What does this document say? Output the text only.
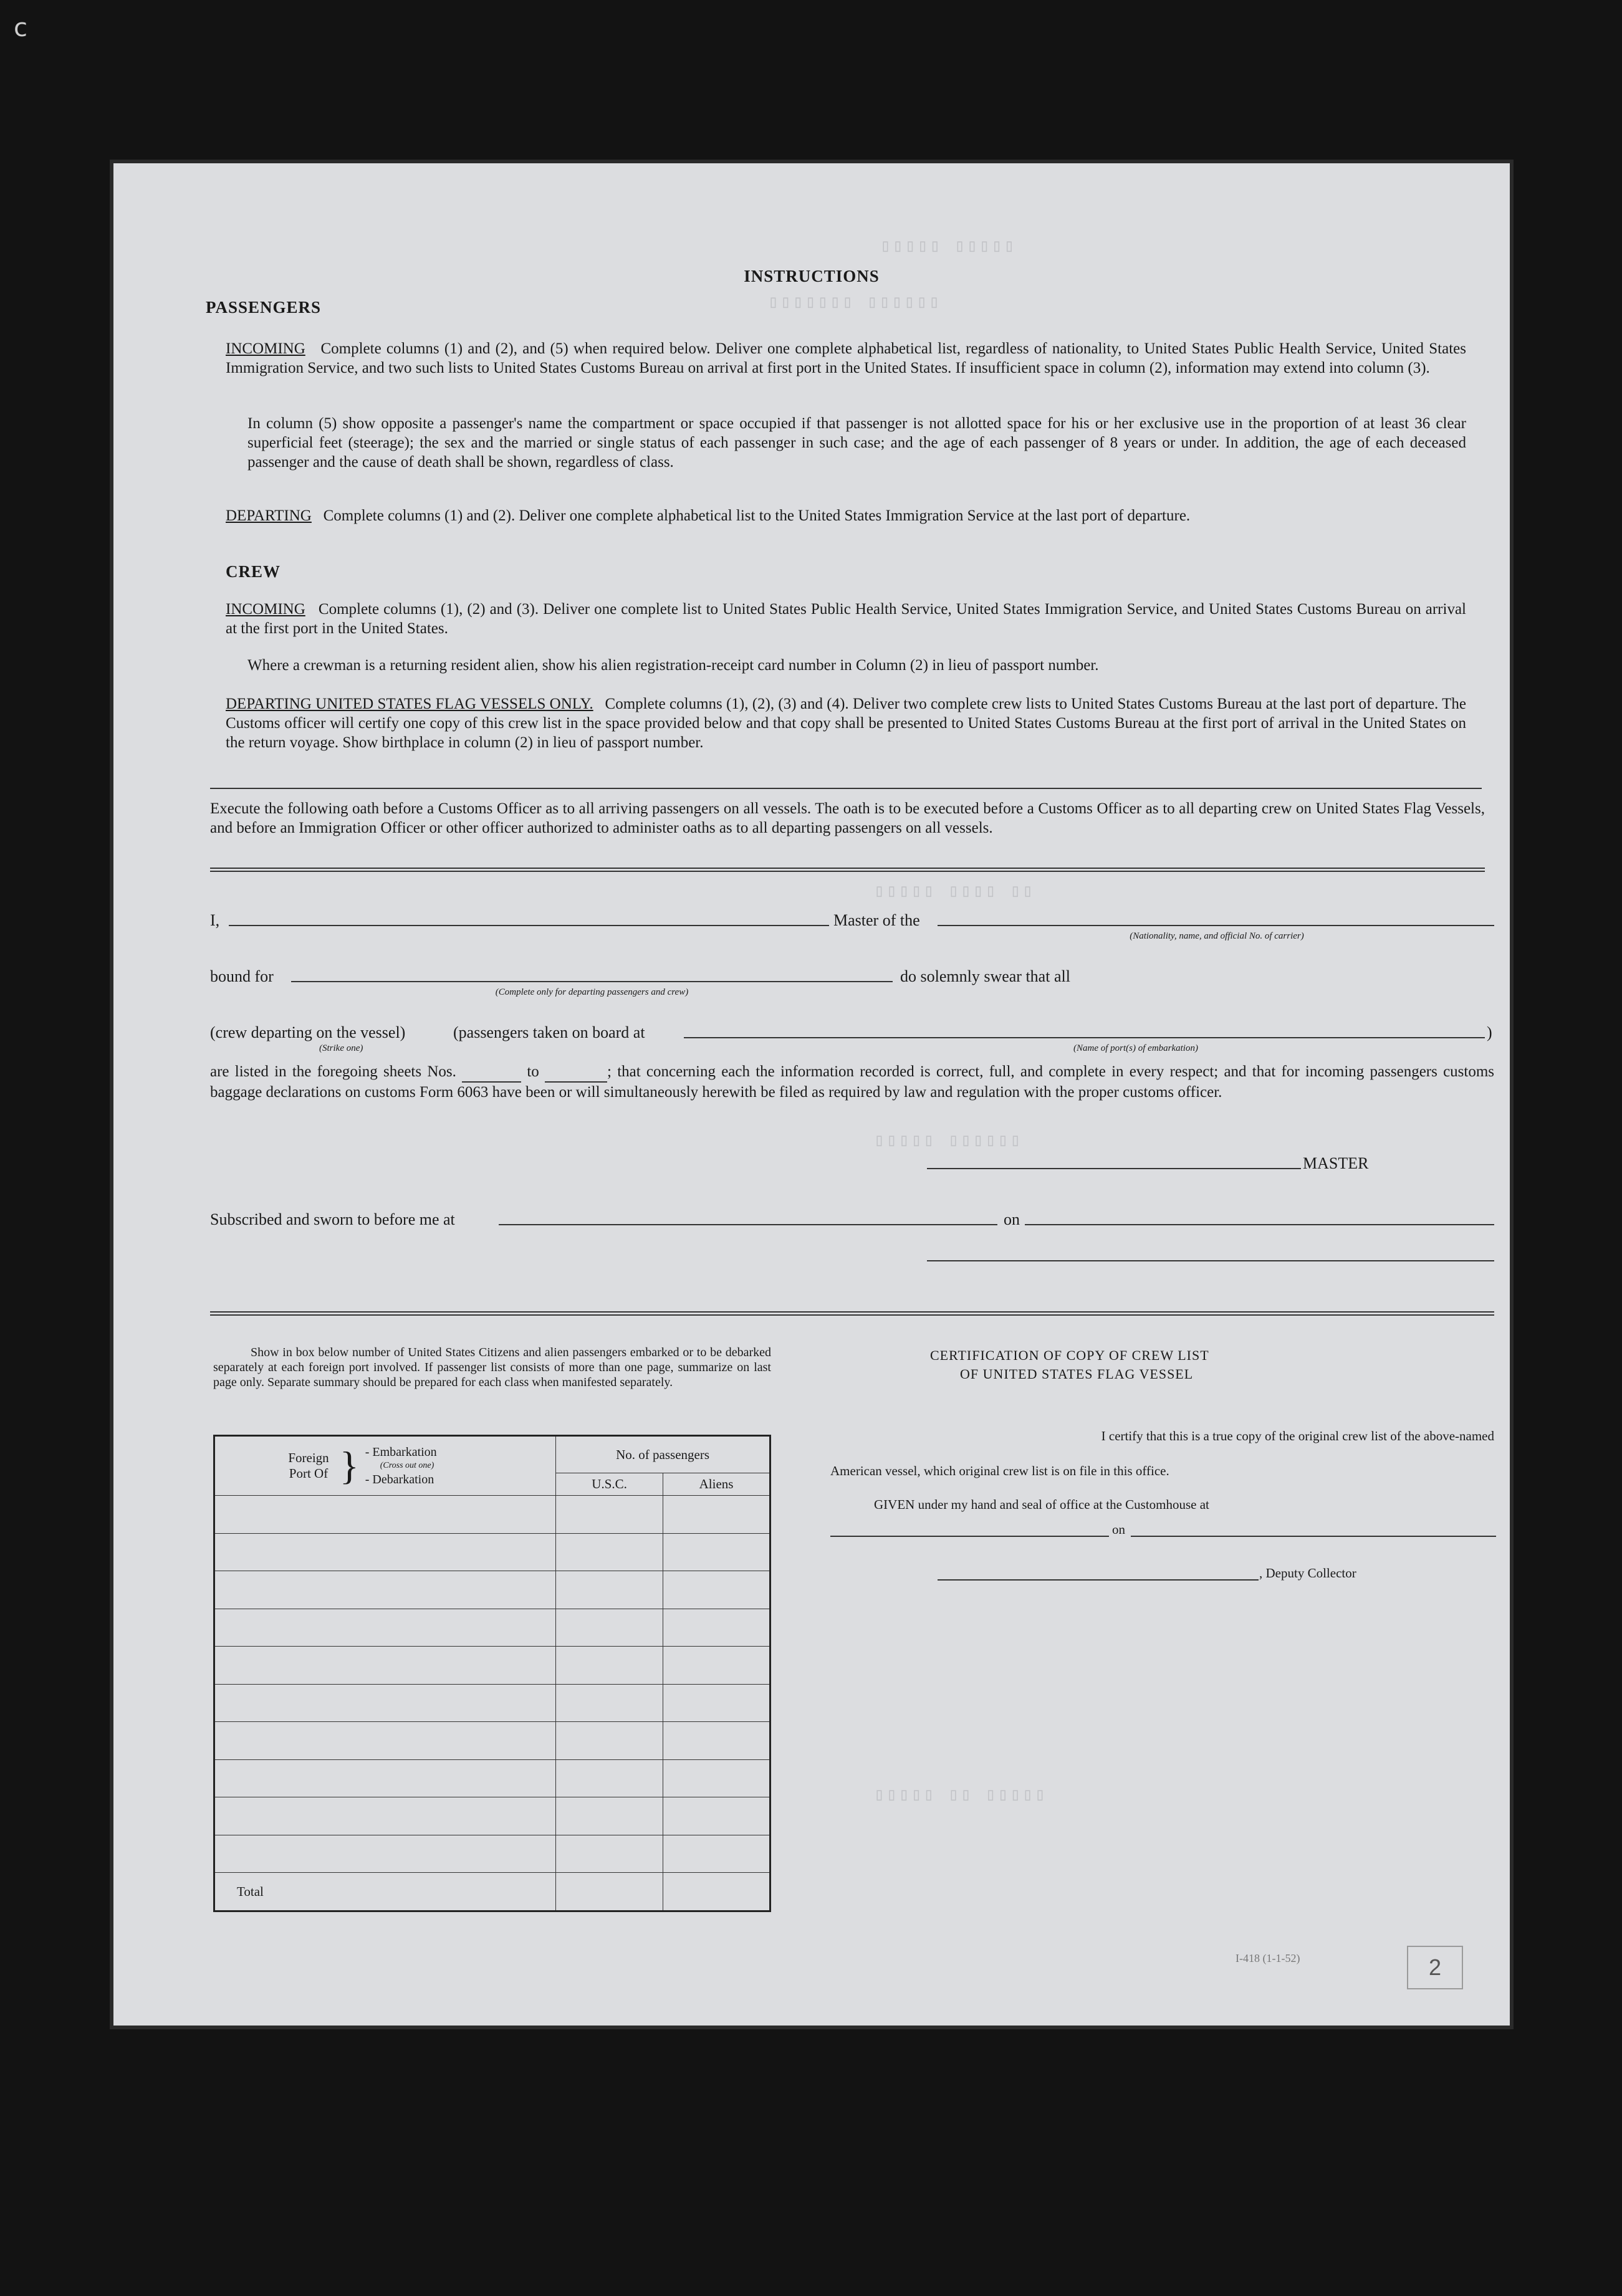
c
▯▯▯▯▯ ▯▯▯▯▯
▯▯▯▯▯▯▯ ▯▯▯▯▯▯
▯▯▯▯▯ ▯▯▯▯ ▯▯
▯▯▯▯▯ ▯▯▯▯▯▯
▯▯▯▯▯ ▯▯ ▯▯▯▯▯
INSTRUCTIONS
PASSENGERS
INCOMING Complete columns (1) and (2), and (5) when required below. Deliver one complete alphabetical list, regardless of nationality, to United States Public Health Service, United States Immigration Service, and two such lists to United States Customs Bureau on arrival at first port in the United States. If insufficient space in column (2), information may extend into column (3).
In column (5) show opposite a passenger's name the compartment or space occupied if that passenger is not allotted space for his or her exclusive use in the proportion of at least 36 clear superficial feet (steerage); the sex and the married or single status of each passenger in such case; and the age of each passenger of 8 years or under. In addition, the age of each deceased passenger and the cause of death shall be shown, regardless of class.
DEPARTING Complete columns (1) and (2). Deliver one complete alphabetical list to the United States Immigration Service at the last port of departure.
CREW
INCOMING Complete columns (1), (2) and (3). Deliver one complete list to United States Public Health Service, United States Immigration Service, and United States Customs Bureau on arrival at the first port in the United States.
Where a crewman is a returning resident alien, show his alien registration-receipt card number in Column (2) in lieu of passport number.
DEPARTING UNITED STATES FLAG VESSELS ONLY. Complete columns (1), (2), (3) and (4). Deliver two complete crew lists to United States Customs Bureau at the last port of departure. The Customs officer will certify one copy of this crew list in the space provided below and that copy shall be presented to United States Customs Bureau at the first port of arrival in the United States on the return voyage. Show birthplace in column (2) in lieu of passport number.
Execute the following oath before a Customs Officer as to all arriving passengers on all vessels. The oath is to be executed before a Customs Officer as to all departing crew on United States Flag Vessels, and before an Immigration Officer or other officer authorized to administer oaths as to all departing passengers on all vessels.
I,	Master of the
(Nationality, name, and official No. of carrier)
bound for
(Complete only for departing passengers and crew)
do solemnly swear that all
(crew departing on the vessel)	(passengers taken on board at
(Strike one)
)
(Name of port(s) of embarkation)
are listed in the foregoing sheets Nos.	to	; that concerning each the information recorded is correct, full, and complete in every respect; and that for incoming passengers customs baggage declarations on customs Form 6063 have been or will simultaneously herewith be filed as required by law and regulation with the proper customs officer.
MASTER
Subscribed and sworn to before me at	on
Show in box below number of United States Citizens and alien passengers embarked or to be debarked separately at each foreign port involved. If passenger list consists of more than one page, summarize on last page only. Separate summary should be prepared for each class when manifested separately.
Foreign Port Of } - Embarkation
(Cross out one)
- Debarkation	No. of passengers	
	U.S.C.	Aliens

Total		
CERTIFICATION OF COPY OF CREW LIST
OF UNITED STATES FLAG VESSEL
I certify that this is a true copy of the original crew list of the above-named
American vessel, which original crew list is on file in this office.
GIVEN under my hand and seal of office at the Customhouse at
on
, Deputy Collector
I-418 (1-1-52)	2
